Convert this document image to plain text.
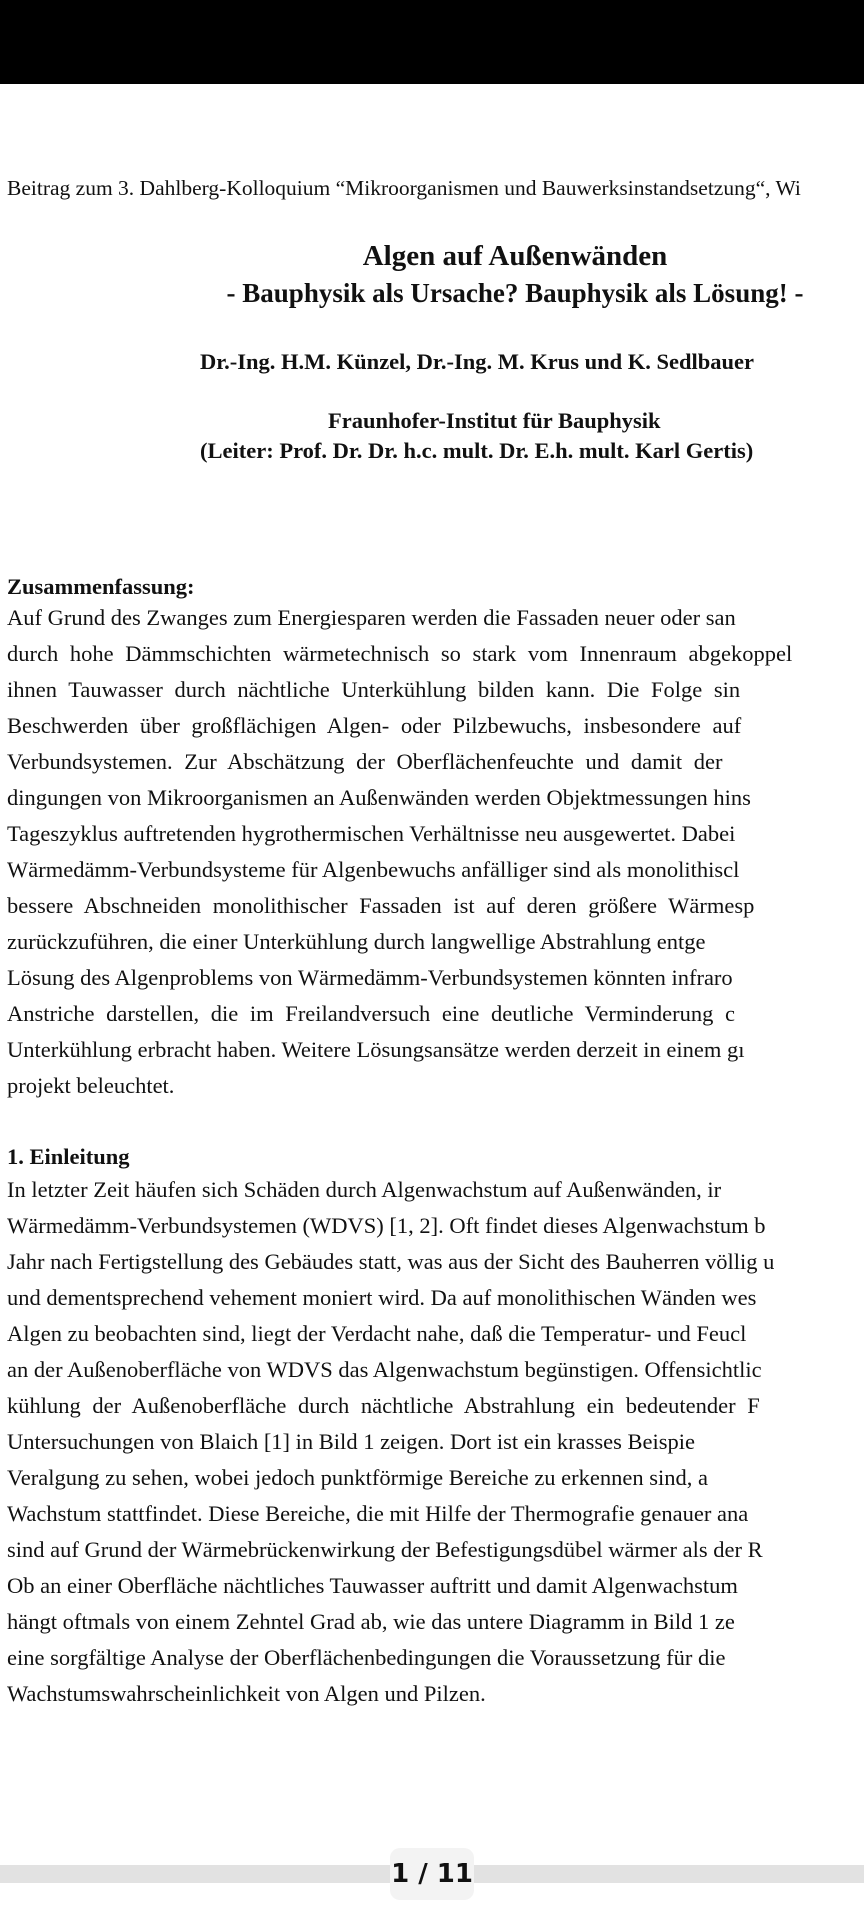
Beitrag zum 3. Dahlberg-Kolloquium “Mikroorganismen und Bauwerksinstandsetzung“, Wi
Algen auf Außenwänden
- Bauphysik als Ursache? Bauphysik als Lösung! -
Dr.-Ing. H.M. Künzel, Dr.-Ing. M. Krus und K. Sedlbauer
Fraunhofer-Institut für Bauphysik
(Leiter: Prof. Dr. Dr. h.c. mult. Dr. E.h. mult. Karl Gertis)
Zusammenfassung:
Auf Grund des Zwanges zum Energiesparen werden die Fassaden neuer oder san
durch hohe Dämmschichten wärmetechnisch so stark vom Innenraum abgekoppel
ihnen Tauwasser durch nächtliche Unterkühlung bilden kann. Die Folge sin
Beschwerden über großflächigen Algen- oder Pilzbewuchs, insbesondere auf
Verbundsystemen. Zur Abschätzung der Oberflächenfeuchte und damit der
dingungen von Mikroorganismen an Außenwänden werden Objektmessungen hins
Tageszyklus auftretenden hygrothermischen Verhältnisse neu ausgewertet. Dabei
Wärmedämm-Verbundsysteme für Algenbewuchs anfälliger sind als monolithiscl
bessere Abschneiden monolithischer Fassaden ist auf deren größere Wärmesp
zurückzuführen, die einer Unterkühlung durch langwellige Abstrahlung entge
Lösung des Algenproblems von Wärmedämm-Verbundsystemen könnten infraro
Anstriche darstellen, die im Freilandversuch eine deutliche Verminderung c
Unterkühlung erbracht haben. Weitere Lösungsansätze werden derzeit in einem gı
projekt beleuchtet.
1. Einleitung
In letzter Zeit häufen sich Schäden durch Algenwachstum auf Außenwänden, ir
Wärmedämm-Verbundsystemen (WDVS) [1, 2]. Oft findet dieses Algenwachstum b
Jahr nach Fertigstellung des Gebäudes statt, was aus der Sicht des Bauherren völlig u
und dementsprechend vehement moniert wird. Da auf monolithischen Wänden wes
Algen zu beobachten sind, liegt der Verdacht nahe, daß die Temperatur- und Feucl
an der Außenoberfläche von WDVS das Algenwachstum begünstigen. Offensichtlic
kühlung der Außenoberfläche durch nächtliche Abstrahlung ein bedeutender F
Untersuchungen von Blaich [1] in Bild 1 zeigen. Dort ist ein krasses Beispie
Veralgung zu sehen, wobei jedoch punktförmige Bereiche zu erkennen sind, a
Wachstum stattfindet. Diese Bereiche, die mit Hilfe der Thermografie genauer ana
sind auf Grund der Wärmebrückenwirkung der Befestigungsdübel wärmer als der R
Ob an einer Oberfläche nächtliches Tauwasser auftritt und damit Algenwachstum
hängt oftmals von einem Zehntel Grad ab, wie das untere Diagramm in Bild 1 ze
eine sorgfältige Analyse der Oberflächenbedingungen die Voraussetzung für die
Wachstumswahrscheinlichkeit von Algen und Pilzen.
1 / 11
